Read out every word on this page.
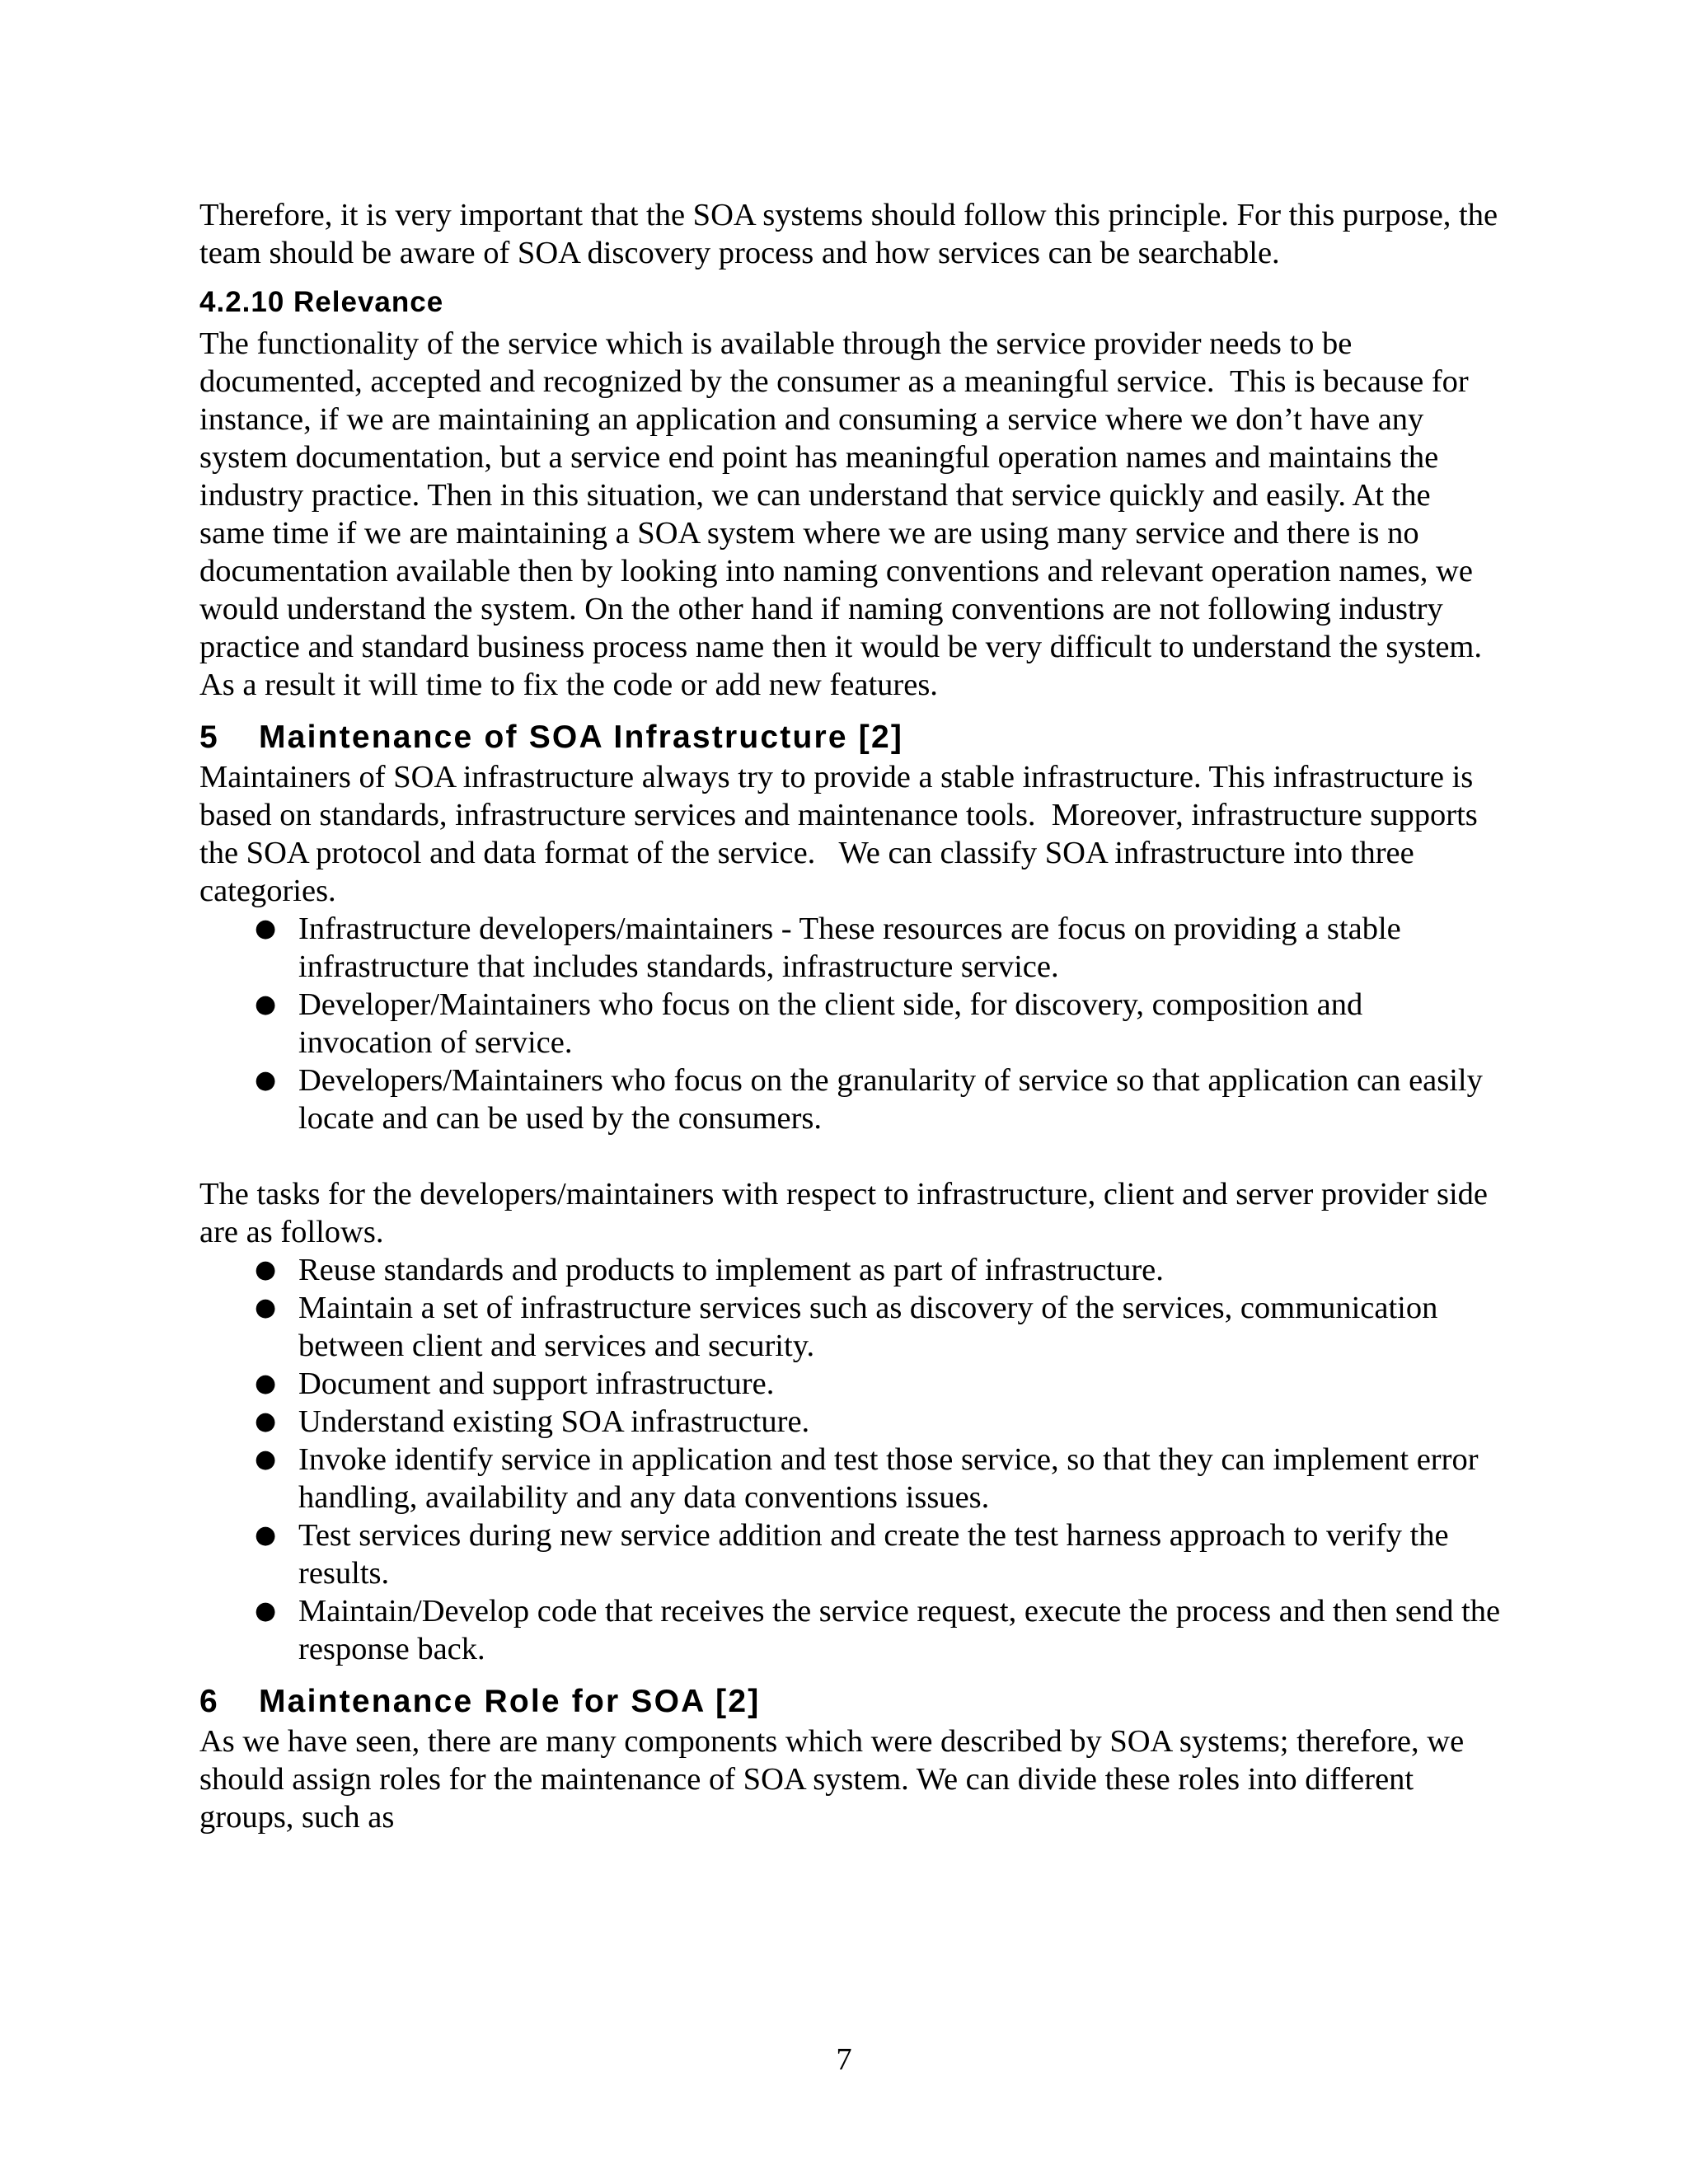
Therefore, it is very important that the SOA systems should follow this principle. For this purpose, the team should be aware of SOA discovery process and how services can be searchable.

4.2.10 Relevance

The functionality of the service which is available through the service provider needs to be documented, accepted and recognized by the consumer as a meaningful service.  This is because for instance, if we are maintaining an application and consuming a service where we don’t have any system documentation, but a service end point has meaningful operation names and maintains the industry practice. Then in this situation, we can understand that service quickly and easily. At the same time if we are maintaining a SOA system where we are using many service and there is no documentation available then by looking into naming conventions and relevant operation names, we would understand the system. On the other hand if naming conventions are not following industry practice and standard business process name then it would be very difficult to understand the system. As a result it will time to fix the code or add new features.

5 Maintenance of SOA Infrastructure [2]

Maintainers of SOA infrastructure always try to provide a stable infrastructure. This infrastructure is based on standards, infrastructure services and maintenance tools.  Moreover, infrastructure supports the SOA protocol and data format of the service.   We can classify SOA infrastructure into three categories.

● Infrastructure developers/maintainers - These resources are focus on providing a stable infrastructure that includes standards, infrastructure service.
● Developer/Maintainers who focus on the client side, for discovery, composition and invocation of service.
● Developers/Maintainers who focus on the granularity of service so that application can easily locate and can be used by the consumers.

The tasks for the developers/maintainers with respect to infrastructure, client and server provider side are as follows.

● Reuse standards and products to implement as part of infrastructure.
● Maintain a set of infrastructure services such as discovery of the services, communication between client and services and security.
● Document and support infrastructure.
● Understand existing SOA infrastructure.
● Invoke identify service in application and test those service, so that they can implement error handling, availability and any data conventions issues.
● Test services during new service addition and create the test harness approach to verify the results.
● Maintain/Develop code that receives the service request, execute the process and then send the response back.
6 Maintenance Role for SOA [2]

As we have seen, there are many components which were described by SOA systems; therefore, we should assign roles for the maintenance of SOA system. We can divide these roles into different groups, such as

7
